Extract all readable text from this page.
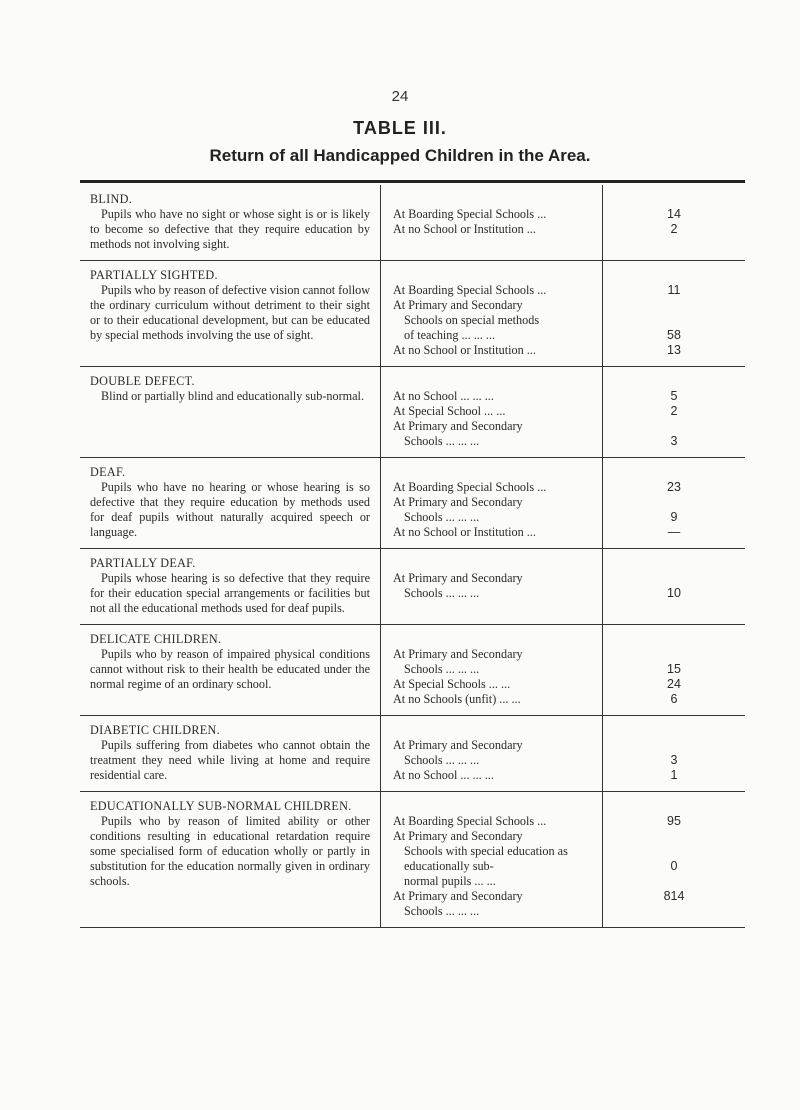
24
TABLE III.
Return of all Handicapped Children in the Area.
BLIND.
Pupils who have no sight or whose sight is or is likely to become so defective that they require education by methods not involving sight.
At Boarding Special Schools ...
At no School or Institution ...
14
2
PARTIALLY SIGHTED.
Pupils who by reason of defective vision cannot follow the ordinary curriculum without detriment to their sight or to their educational development, but can be educated by special methods involving the use of sight.
At Boarding Special Schools ...
At Primary and Secondary
Schools on special methods
of teaching ... ... ...
At no School or Institution ...
11
58
13
DOUBLE DEFECT.
Blind or partially blind and educationally sub-normal.	At no School ... ... ...
At Special School ... ...
At Primary and Secondary
Schools ... ... ...
5
2
3
DEAF.
Pupils who have no hearing or whose hearing is so defective that they require education by methods used for deaf pupils without naturally acquired speech or language.
At Boarding Special Schools ...
At Primary and Secondary
Schools ... ... ...
At no School or Institution ...
23
9
—
PARTIALLY DEAF.
Pupils whose hearing is so defective that they require for their education special arrangements or facilities but not all the educational methods used for deaf pupils.
At Primary and Secondary
Schools ... ... ...	10
DELICATE CHILDREN.
Pupils who by reason of impaired physical conditions cannot without risk to their health be educated under the normal regime of an ordinary school.
At Primary and Secondary
Schools ... ... ...
At Special Schools ... ...
At no Schools (unfit) ... ...
15
24
6
DIABETIC CHILDREN.
Pupils suffering from diabetes who cannot obtain the treatment they need while living at home and require residential care.
At Primary and Secondary
Schools ... ... ...
At no School ... ... ...
3
1
EDUCATIONALLY SUB-NORMAL CHILDREN.
Pupils who by reason of limited ability or other conditions resulting in educational retardation require some specialised form of education wholly or partly in substitution for the education normally given in ordinary schools.
At Boarding Special Schools ...
At Primary and Secondary
Schools with special education as educationally sub-
normal pupils ... ...
At Primary and Secondary
Schools ... ... ...
95
0
814
